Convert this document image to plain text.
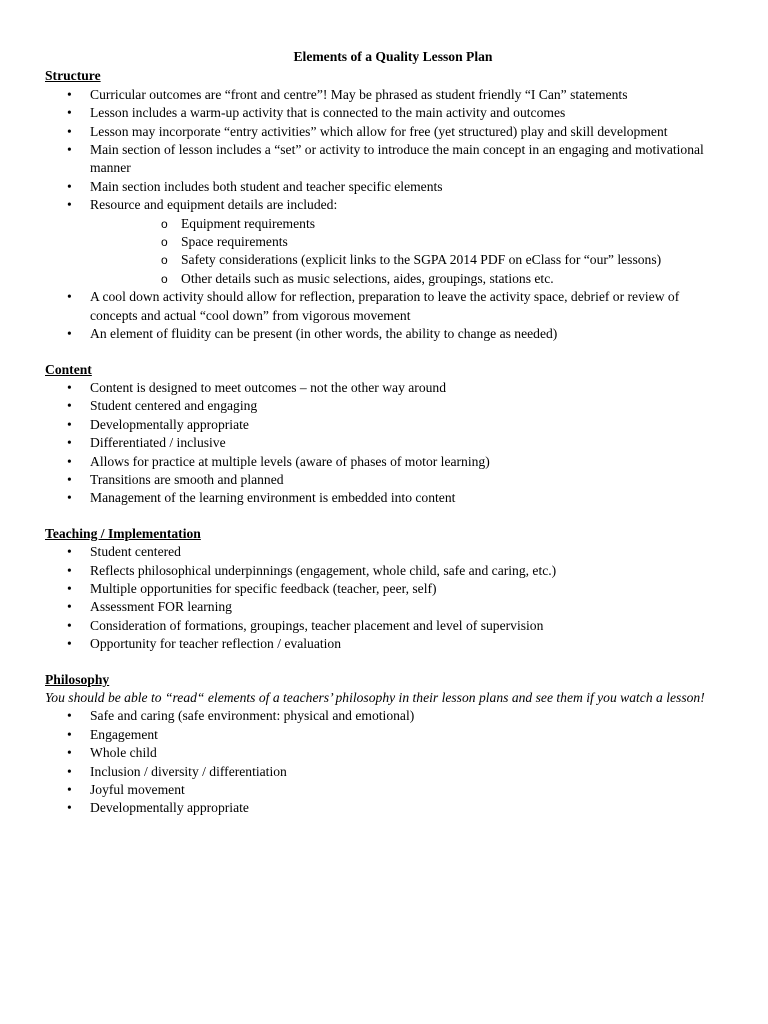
Elements of a Quality Lesson Plan
Structure
• Curricular outcomes are “front and centre”! May be phrased as student friendly “I Can” statements
• Lesson includes a warm-up activity that is connected to the main activity and outcomes
• Lesson may incorporate “entry activities” which allow for free (yet structured) play and skill development
• Main section of lesson includes a “set” or activity to introduce the main concept in an engaging and motivational manner
• Main section includes both student and teacher specific elements
• Resource and equipment details are included:
o Equipment requirements
o Space requirements
o Safety considerations (explicit links to the SGPA 2014 PDF on eClass for “our” lessons)
o Other details such as music selections, aides, groupings, stations etc.
• A cool down activity should allow for reflection, preparation to leave the activity space, debrief or review of concepts and actual “cool down” from vigorous movement
• An element of fluidity can be present (in other words, the ability to change as needed)
Content
• Content is designed to meet outcomes – not the other way around
• Student centered and engaging
• Developmentally appropriate
• Differentiated / inclusive
• Allows for practice at multiple levels (aware of phases of motor learning)
• Transitions are smooth and planned
• Management of the learning environment is embedded into content
Teaching / Implementation
• Student centered
• Reflects philosophical underpinnings (engagement, whole child, safe and caring, etc.)
• Multiple opportunities for specific feedback (teacher, peer, self)
• Assessment FOR learning
• Consideration of formations, groupings, teacher placement and level of supervision
• Opportunity for teacher reflection / evaluation
Philosophy
You should be able to “read“ elements of a teachers’ philosophy in their lesson plans and see them if you watch a lesson!
• Safe and caring (safe environment: physical and emotional)
• Engagement
• Whole child
• Inclusion / diversity / differentiation
• Joyful movement
• Developmentally appropriate
